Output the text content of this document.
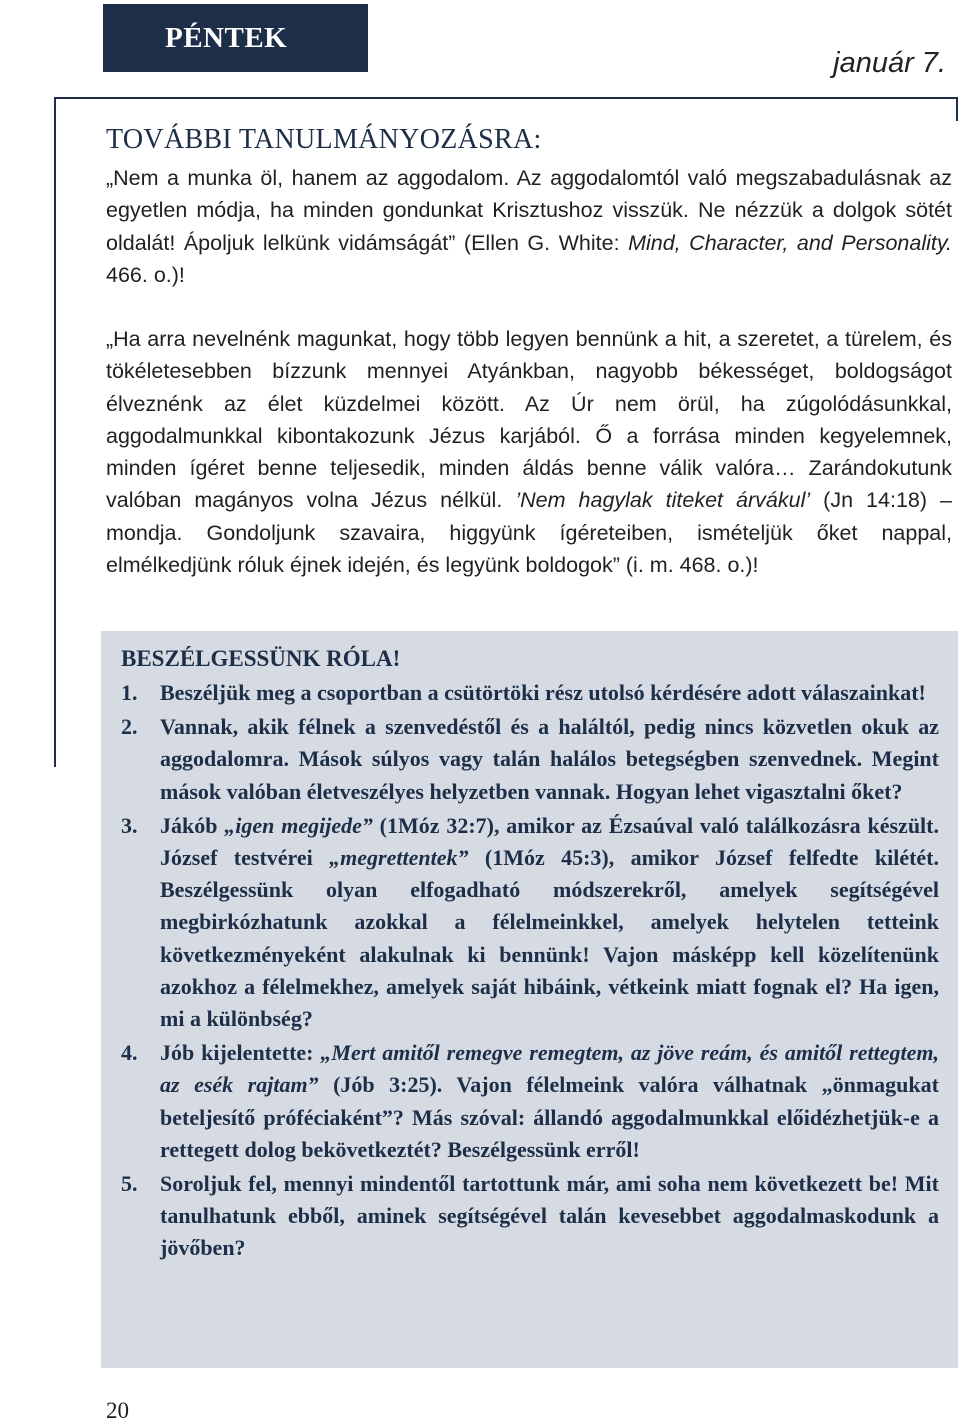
PÉNTEK
január 7.
TOVÁBBI TANULMÁNYOZÁSRA:

„Nem a munka öl, hanem az aggodalom. Az aggodalomtól való megszabadulásnak az egyetlen módja, ha minden gondunkat Krisztushoz visszük. Ne nézzük a dolgok sötét oldalát! Ápoljuk lelkünk vidámságát” (Ellen G. White: Mind, Character, and Personality. 466. o.)!

„Ha arra nevelnénk magunkat, hogy több legyen bennünk a hit, a szeretet, a türelem, és tökéletesebben bízzunk mennyei Atyánkban, nagyobb békességet, boldogságot élveznénk az élet küzdelmei között. Az Úr nem örül, ha zúgolódásunkkal, aggodalmunkkal kibontakozunk Jézus karjából. Ő a forrása minden kegyelemnek, minden ígéret benne teljesedik, minden áldás benne válik valóra… Zarándokutunk valóban magányos volna Jézus nélkül. ’Nem hagylak titeket árvákul’ (Jn 14:18) – mondja. Gondoljunk szavaira, higgyünk ígéreteiben, ismételjük őket nappal, elmélkedjünk róluk éjnek idején, és legyünk boldogok” (i. m. 468. o.)!

BESZÉLGESSÜNK RÓLA!
1.	Beszéljük meg a csoportban a csütörtöki rész utolsó kérdésére adott válaszainkat!
2.	Vannak, akik félnek a szenvedéstől és a haláltól, pedig nincs közvetlen okuk az aggodalomra. Mások súlyos vagy talán halálos betegségben szenvednek. Megint mások valóban életveszélyes helyzetben vannak. Hogyan lehet vigasztalni őket?
3.	Jákób „igen megijede” (1Móz 32:7), amikor az Ézsaúval való találkozásra készült. József testvérei „megrettentek” (1Móz 45:3), amikor József felfedte kilétét. Beszélgessünk olyan elfogadható módszerekről, amelyek segítségével megbirkózhatunk azokkal a félelmeinkkel, amelyek helytelen tetteink következményeként alakulnak ki bennünk! Vajon másképp kell közelítenünk azokhoz a félelmekhez, amelyek saját hibáink, vétkeink miatt fognak el? Ha igen, mi a különbség?
4.	Jób kijelentette: „Mert amitől remegve remegtem, az jöve reám, és amitől rettegtem, az esék rajtam” (Jób 3:25). Vajon félelmeink valóra válhatnak „önmagukat beteljesítő próféciaként”? Más szóval: állandó aggodalmunkkal előidézhetjük-e a rettegett dolog bekövetkeztét? Beszélgessünk erről!
5.	Soroljuk fel, mennyi mindentől tartottunk már, ami soha nem következett be! Mit tanulhatunk ebből, aminek segítségével talán kevesebbet aggodalmaskodunk a jövőben?
20
